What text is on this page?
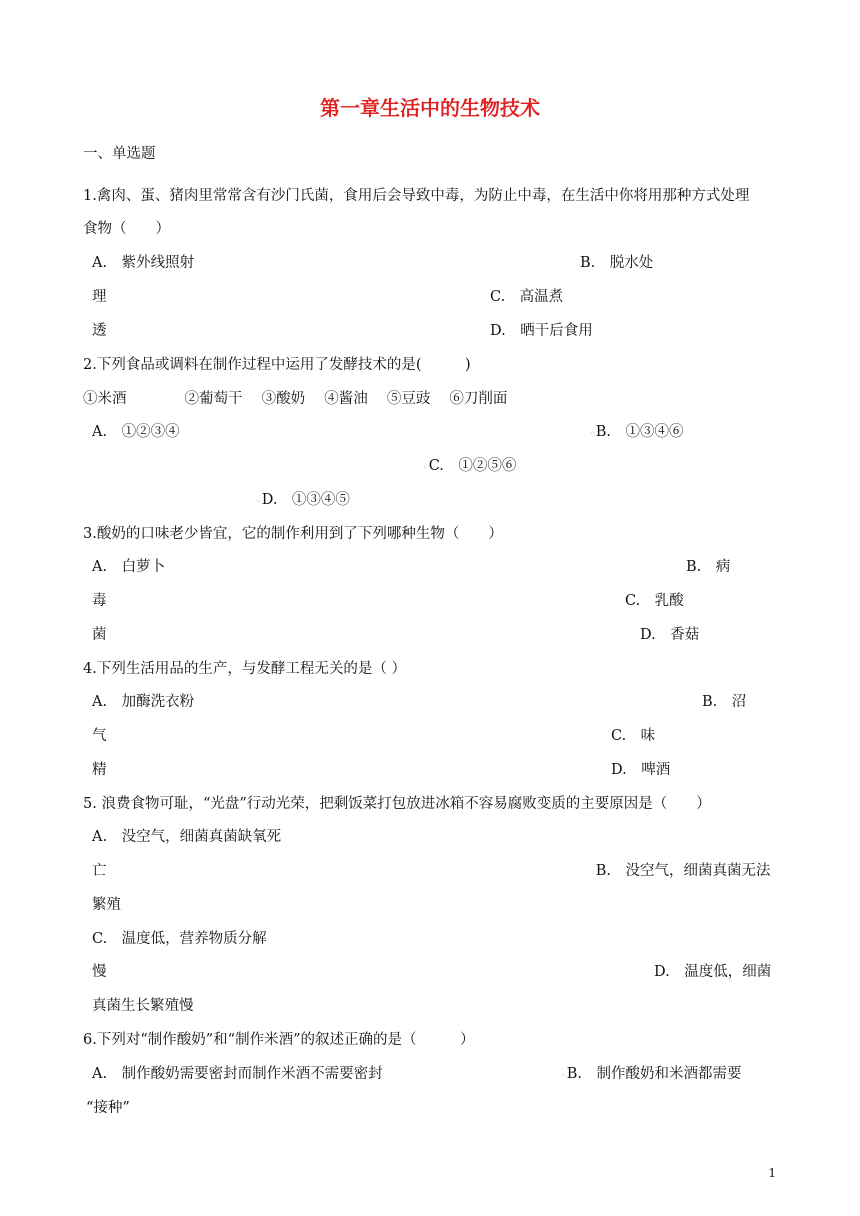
第一章生活中的生物技术
一、单选题
1.禽肉、蛋、猪肉里常常含有沙门氏菌，食用后会导致中毒，为防止中毒，在生活中你将用那种方式处理
食物（　　）
A.　紫外线照射	B.　脱水处
理	C.　高温煮
透	D.　晒干后食用
2.下列食品或调料在制作过程中运用了发酵技术的是(　　　)
①米酒　　　　②葡萄干　 ③酸奶　 ④酱油　 ⑤豆豉　 ⑥刀削面
A.　①②③④	◦B.　①③④⑥
◦C.　①②⑤⑥
◦D.　①③④⑤
3.酸奶的口味老少皆宜，它的制作利用到了下列哪种生物（　　）
A.　白萝卜	B.　病
毒	C.　乳酸
菌	D.　香菇
4.下列生活用品的生产，与发酵工程无关的是（ ）
A.　加酶洗衣粉	B.　沼
气	C.　味
精	D.　啤酒
5. 浪费食物可耻，“光盘”行动光荣，把剩饭菜打包放进冰箱不容易腐败变质的主要原因是（　　）
A.　没空气，细菌真菌缺氧死
亡	◦B.　没空气，细菌真菌无法
繁殖
C.　温度低，营养物质分解
慢	D.　温度低，细菌
真菌生长繁殖慢
6.下列对“制作酸奶”和“制作米酒”的叙述正确的是（　　　）
A.　制作酸奶需要密封而制作米酒不需要密封	◦B.　制作酸奶和米酒都需要
“接种”
1
